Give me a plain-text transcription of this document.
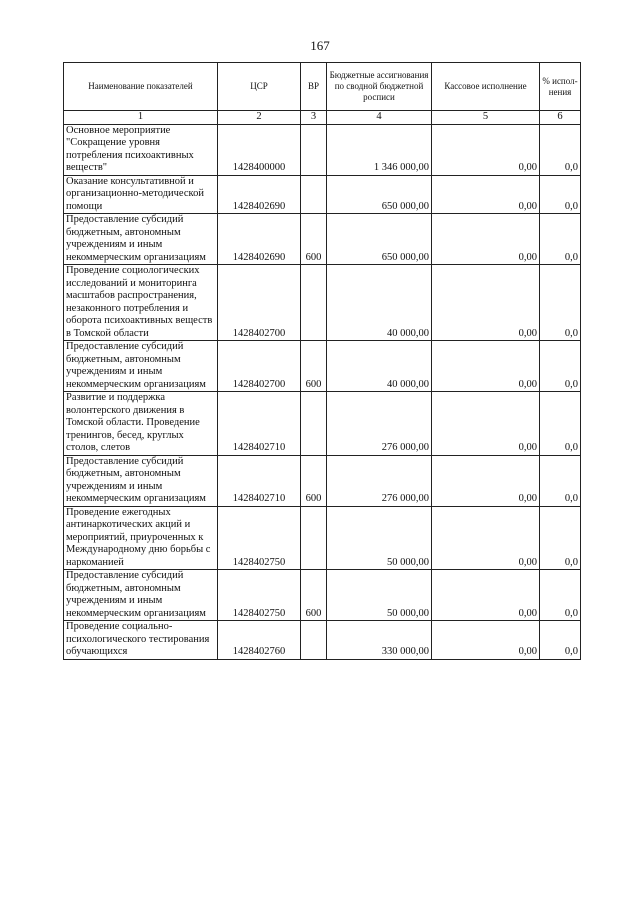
167
Наименование показателей	ЦСР	ВР	Бюджетные ассигнования по сводной бюджетной росписи	Кассовое исполнение	% испол-нения
1	2	3	4	5	6
Основное мероприятие "Сокращение уровня потребления психоактивных веществ"	1428400000		1 346 000,00	0,00	0,0
Оказание консультативной и организационно-методической помощи	1428402690		650 000,00	0,00	0,0
Предоставление субсидий бюджетным, автономным учреждениям и иным некоммерческим организациям	1428402690	600	650 000,00	0,00	0,0
Проведение социологических исследований и мониторинга масштабов распространения, незаконного потребления и оборота психоактивных веществ в Томской области	1428402700		40 000,00	0,00	0,0
Предоставление субсидий бюджетным, автономным учреждениям и иным некоммерческим организациям	1428402700	600	40 000,00	0,00	0,0
Развитие и поддержка волонтерского движения в Томской области. Проведение тренингов, бесед, круглых столов, слетов	1428402710		276 000,00	0,00	0,0
Предоставление субсидий бюджетным, автономным учреждениям и иным некоммерческим организациям	1428402710	600	276 000,00	0,00	0,0
Проведение ежегодных антинаркотических акций и мероприятий, приуроченных к Международному дню борьбы с наркоманией	1428402750		50 000,00	0,00	0,0
Предоставление субсидий бюджетным, автономным учреждениям и иным некоммерческим организациям	1428402750	600	50 000,00	0,00	0,0
Проведение социально-психологического тестирования обучающихся	1428402760		330 000,00	0,00	0,0
